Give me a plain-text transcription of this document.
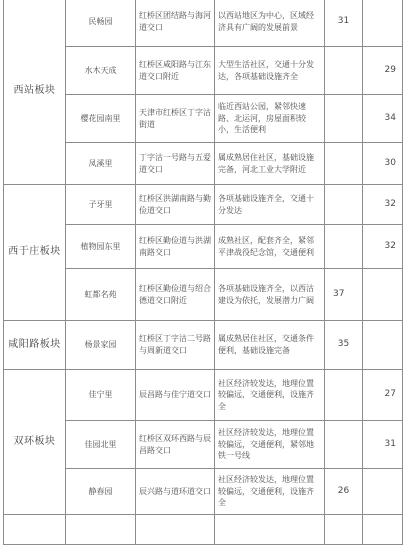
西站板块	民畅园	红桥区团结路与海河道交口	以西站地区为中心，区域经济具有广阔的发展前景	31	
	水木天成	红桥区咸阳路与江东道交口附近	大型生活社区，交通十分发达，各项基础设施齐全		29
	樱花园南里	天津市红桥区丁字沽街道	临近西站公园，紧邻快速路、北运河，房屋面积较小，生活便利		34
	凤溪里	丁字沽一号路与五爱道交口	属成熟居住社区，基础设施完备，河北工业大学附近		30
西于庄板块	子牙里	红桥区洪湖南路与勤俭道交口	各项基础设施齐全，交通十分发达		32
	植物园东里	红桥区勤俭道与洪湖南路交口	成熟社区，配套齐全，紧邻平津战役纪念馆，交通便利		32
	虹都名苑	红桥区勤俭道与绍合德道交口附近	各项基础设施齐全，以西沽建设为依托，发展潜力广阔	37	
咸阳路板块	杨景家园	红桥区丁字沽二号路与周新道交口	属成熟居住社区，交通条件便利，基础设施完备	35	
双环板块	佳宁里	辰昌路与佳宁道交口	社区经济较发达，地理位置较偏远，交通便利，设施齐全		27
	佳园北里	红桥区双环西路与辰昌路交口	社区经济较发达，地理位置较偏远，交通便利，紧邻地铁一号线		31
	静春园	辰兴路与道环道交口	社区经济较发达，地理位置较偏远，交通便利，设施齐全	26	
